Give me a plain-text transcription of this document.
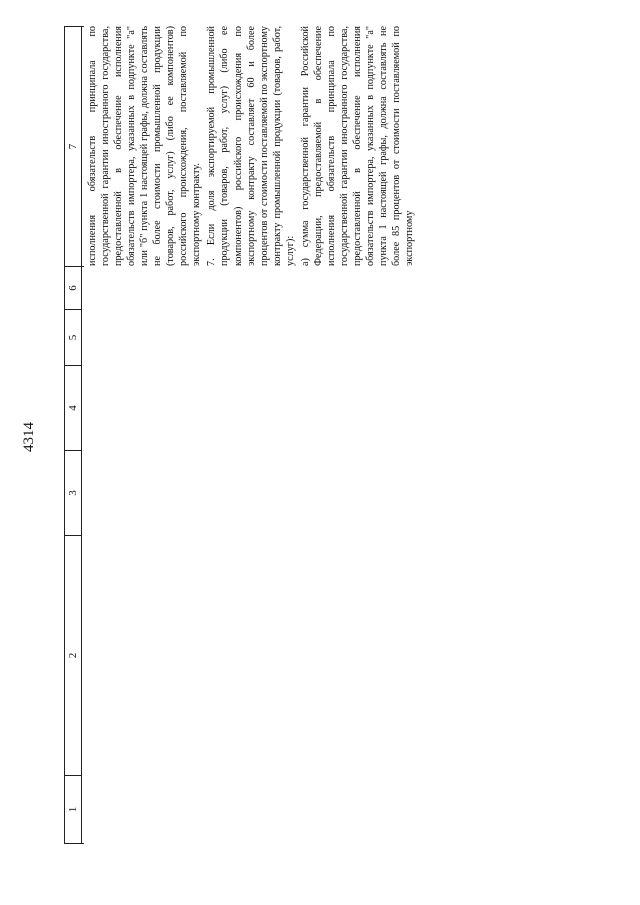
4314
1
2
3
4
5
6
7 исполнения обязательств принципала по государственной гарантии иностранного государства, предоставленной в обеспечение исполнения обязательств импортера, указанных в подпункте "а" или "б" пункта 1 настоящей графы, должна составлять не более стоимости промышленной продукции (товаров, работ, услуг) (либо ее компонентов) российского происхождения, поставляемой по экспортному контракту. 7. Если доля экспортируемой промышленной продукции (товаров, работ, услуг) (либо ее компонентов) российского происхождения по экспортному контракту составляет 60 и более процентов от стоимости поставляемой по экспортному контракту промышленной продукции (товаров, работ, услуг): а) сумма государственной гарантии Российской Федерации, предоставляемой в обеспечение исполнения обязательств принципала по государственной гарантии иностранного государства, предоставленной в обеспечение исполнения обязательств импортера, указанных в подпункте "а" пункта 1 настоящей графы, должна составлять не более 85 процентов от стоимости поставляемой по экспортному
